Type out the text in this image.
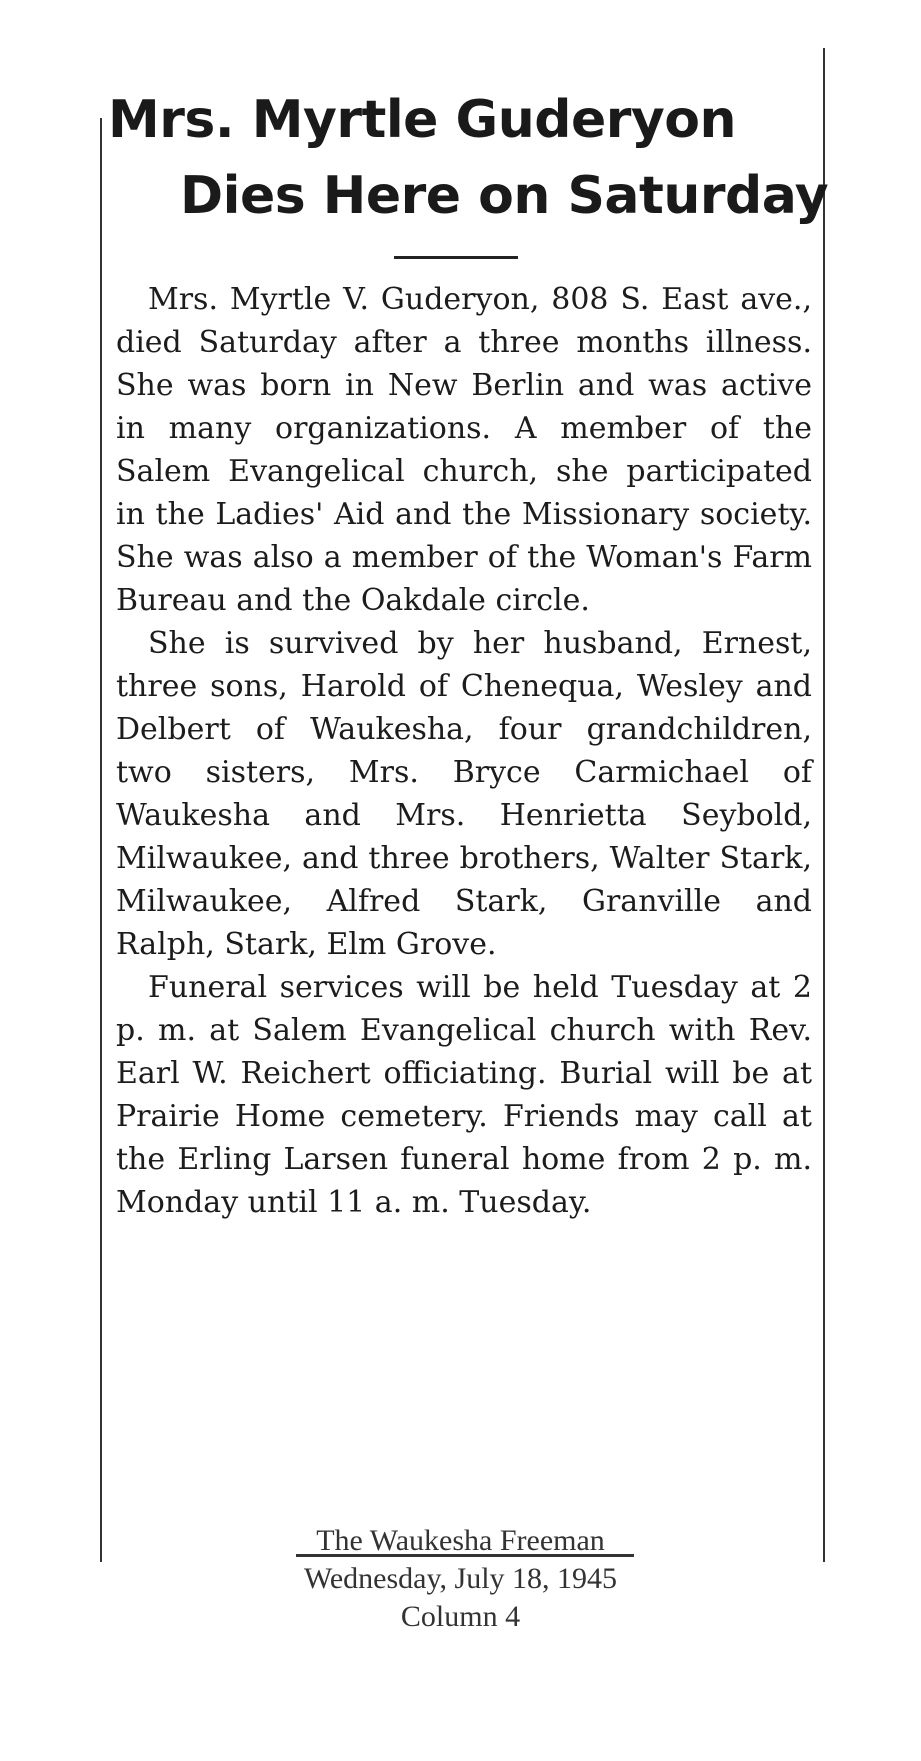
Mrs. Myrtle Guderyon
Dies Here on Saturday

Mrs. Myrtle V. Guderyon, 808 S. East ave., died Saturday after a three months illness. She was born in New Berlin and was active in many organizations. A member of the Salem Evangelical church, she participated in the Ladies' Aid and the Missionary society. She was also a member of the Woman's Farm Bureau and the Oakdale circle.

She is survived by her husband, Ernest, three sons, Harold of Chenequa, Wesley and Delbert of Waukesha, four grandchildren, two sisters, Mrs. Bryce Carmichael of Waukesha and Mrs. Henrietta Seybold, Milwaukee, and three brothers, Walter Stark, Milwaukee, Alfred Stark, Granville and Ralph, Stark, Elm Grove.

Funeral services will be held Tuesday at 2 p. m. at Salem Evangelical church with Rev. Earl W. Reichert officiating. Burial will be at Prairie Home cemetery. Friends may call at the Erling Larsen funeral home from 2 p. m. Monday until 11 a. m. Tuesday.

The Waukesha Freeman
Wednesday, July 18, 1945
Column 4
